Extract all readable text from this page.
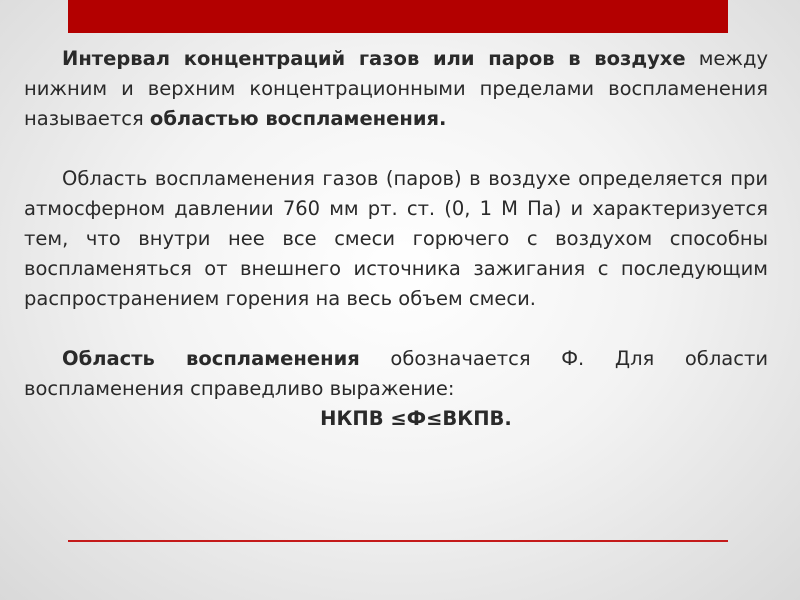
Интервал концентраций газов или паров в воздухе между нижним и верхним концентрационными пределами воспламенения называется областью воспламенения.

Область воспламенения газов (паров) в воздухе определяется при атмосферном давлении 760 мм рт. ст. (0, 1 М Па) и характеризуется тем, что внутри нее все смеси горючего с воздухом способны воспламеняться от внешнего источника зажигания с последующим распространением горения на весь объем смеси.

Область воспламенения обозначается Ф. Для области воспламенения справедливо выражение:

НКПВ ≤Ф≤ВКПВ.
